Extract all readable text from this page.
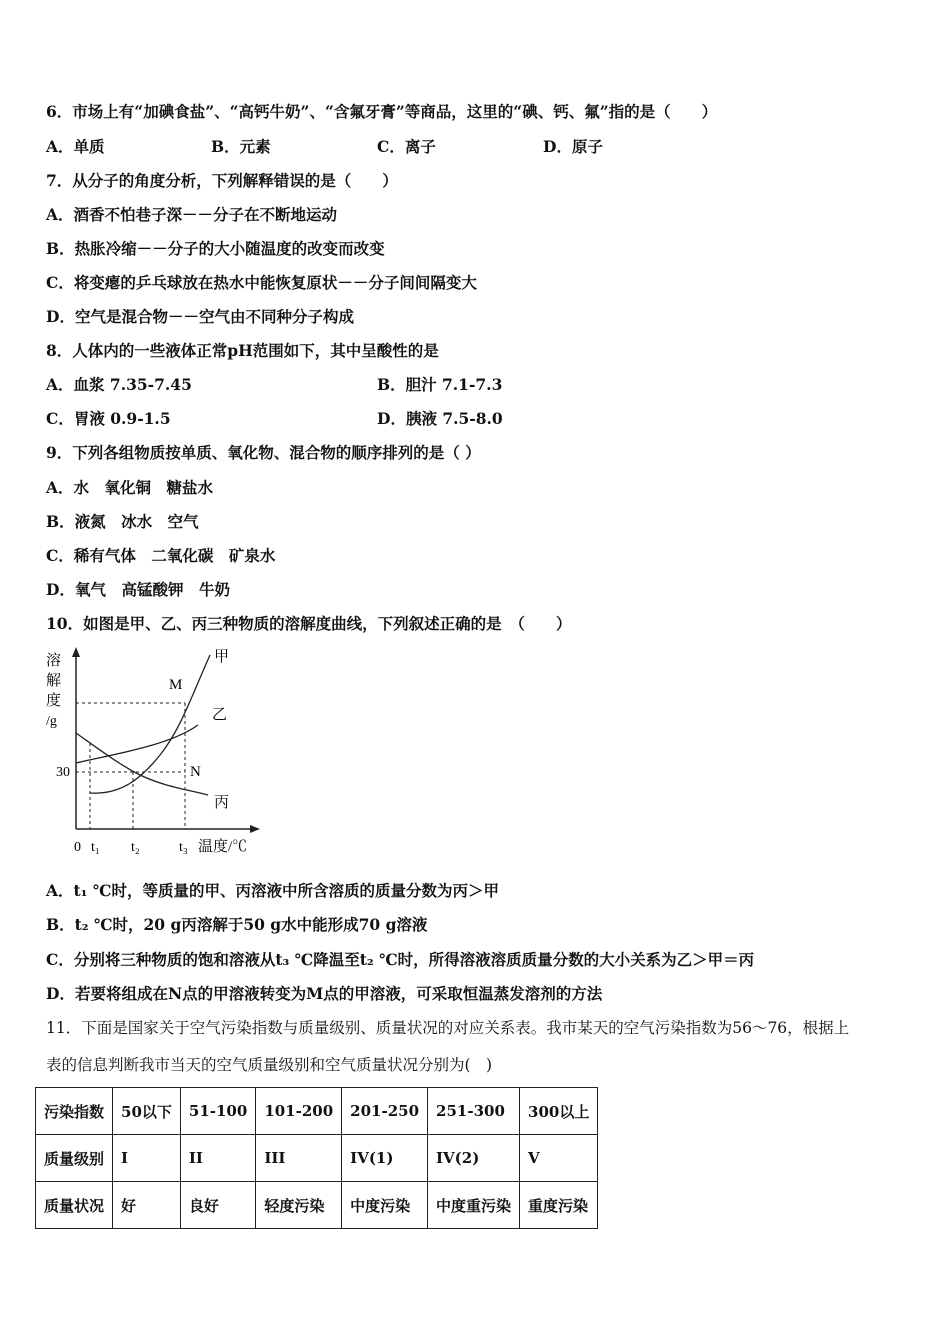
6．市场上有“加碘食盐”、“高钙牛奶”、“含氟牙膏”等商品，这里的“碘、钙、氟”指的是（　　）
A．单质	B．元素	C．离子	D．原子
7．从分子的角度分析，下列解释错误的是（　　）
A．酒香不怕巷子深－－分子在不断地运动
B．热胀冷缩－－分子的大小随温度的改变而改变
C．将变瘪的乒乓球放在热水中能恢复原状－－分子间间隔变大
D．空气是混合物－－空气由不同种分子构成
8．人体内的一些液体正常pH范围如下，其中呈酸性的是
A．血浆 7.35-7.45	B．胆汁 7.1-7.3
C．胃液 0.9-1.5	D．胰液 7.5-8.0
9．下列各组物质按单质、氧化物、混合物的顺序排列的是（ ）
A．水　氧化铜　糖盐水
B．液氮　冰水　空气
C．稀有气体　二氧化碳　矿泉水
D．氧气　高锰酸钾　牛奶
10．如图是甲、乙、丙三种物质的溶解度曲线，下列叙述正确的是　（　　）
溶
解
度
/g
30
0 t₁ t₂	t₃ 温度/℃
甲
乙
丙
M
N
A．t₁ ℃时，等质量的甲、丙溶液中所含溶质的质量分数为丙＞甲
B．t₂ ℃时，20 g丙溶解于50 g水中能形成70 g溶液
C．分别将三种物质的饱和溶液从t₃ ℃降温至t₂ ℃时，所得溶液溶质质量分数的大小关系为乙＞甲＝丙
D．若要将组成在N点的甲溶液转变为M点的甲溶液，可采取恒温蒸发溶剂的方法
11．下面是国家关于空气污染指数与质量级别、质量状况的对应关系表。我市某天的空气污染指数为56～76，根据上
表的信息判断我市当天的空气质量级别和空气质量状况分别为(　)
污染指数	50以下	51-100	101-200	201-250	251-300	300以上
质量级别	I	II	III	IV(1)	IV(2)	V
质量状况	好	良好	轻度污染	中度污染	中度重污染	重度污染
